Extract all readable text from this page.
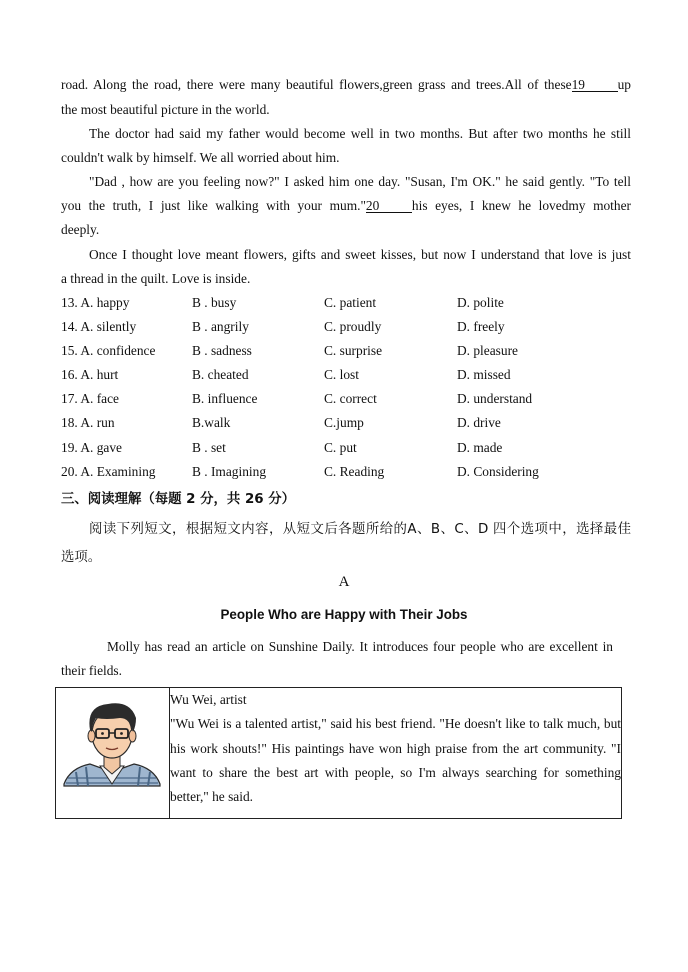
road. Along the road, there were many beautiful flowers,green grass and trees.All of these19 up
the most beautiful picture in the world.
The doctor had said my father would become well in two months. But after two months he still
couldn't walk by himself. We all worried about him.
"Dad , how are you feeling now?" I asked him one day. "Susan, I'm OK." he said gently. "To tell
you the truth, I just like walking with your mum."20 his eyes, I knew he lovedmy mother
deeply.
Once I thought love meant flowers, gifts and sweet kisses, but now I understand that love is just
a thread in the quilt. Love is inside.
13. A. happy	B . busy	C. patient	D. polite
14. A. silently	B . angrily	C. proudly	D. freely
15. A. confidence	B . sadness	C. surprise	D. pleasure
16. A. hurt	B. cheated	C. lost	D. missed
17. A. face	B. influence	C. correct	D. understand
18. A. run	B.walk	C.jump	D. drive
19. A. gave	B . set	C. put	D. made
20. A. Examining	B . Imagining	C. Reading	D. Considering
三、阅读理解（每题 2 分，共 26 分）
阅读下列短文，根据短文内容，从短文后各题所给的A、B、C、D 四个选项中，选择最佳
选项。
A
People Who are Happy with Their Jobs
Molly has read an article on Sunshine Daily. It introduces four people who are excellent in
their fields.

Wu Wei, artist
"Wu Wei is a talented artist," said his best friend. "He doesn't like to talk much, but his work shouts!" His paintings have won high praise from the art community. "I want to share the best art with people, so I'm always searching for something better," he said.
